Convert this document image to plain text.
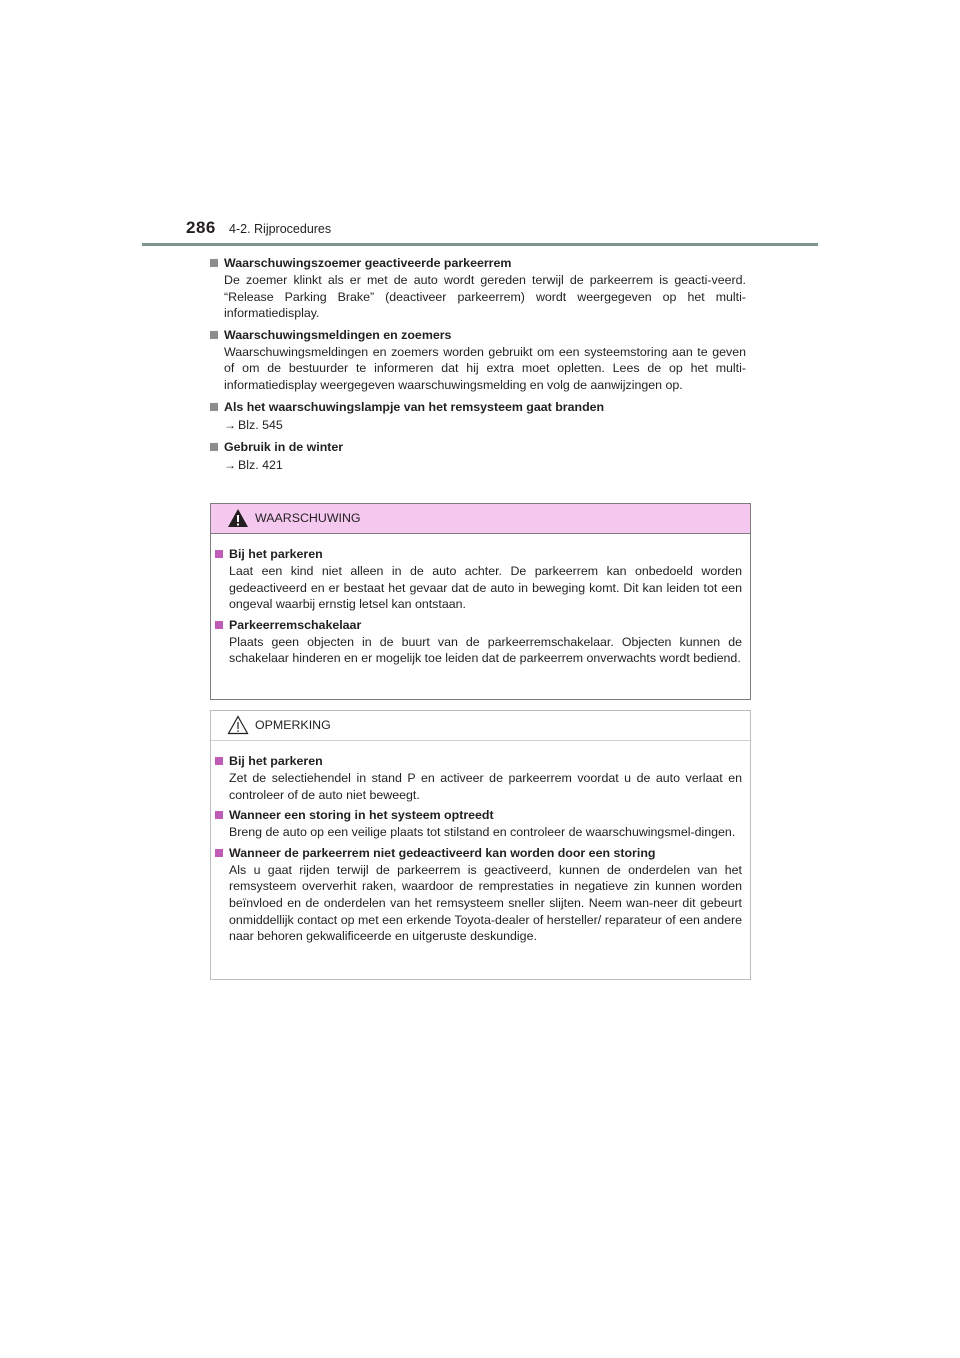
286 4-2. Rijprocedures
Waarschuwingszoemer geactiveerde parkeerrem
De zoemer klinkt als er met de auto wordt gereden terwijl de parkeerrem is geacti-veerd. “Release Parking Brake” (deactiveer parkeerrem) wordt weergegeven op het multi-informatiedisplay.
Waarschuwingsmeldingen en zoemers
Waarschuwingsmeldingen en zoemers worden gebruikt om een systeemstoring aan te geven of om de bestuurder te informeren dat hij extra moet opletten. Lees de op het multi-informatiedisplay weergegeven waarschuwingsmelding en volg de aanwijzingen op.
Als het waarschuwingslampje van het remsysteem gaat branden
→ Blz. 545
Gebruik in de winter
→ Blz. 421
WAARSCHUWING
Bij het parkeren
Laat een kind niet alleen in de auto achter. De parkeerrem kan onbedoeld worden gedeactiveerd en er bestaat het gevaar dat de auto in beweging komt. Dit kan leiden tot een ongeval waarbij ernstig letsel kan ontstaan.
Parkeerremschakelaar
Plaats geen objecten in de buurt van de parkeerremschakelaar. Objecten kunnen de schakelaar hinderen en er mogelijk toe leiden dat de parkeerrem onverwachts wordt bediend.
OPMERKING
Bij het parkeren
Zet de selectiehendel in stand P en activeer de parkeerrem voordat u de auto verlaat en controleer of de auto niet beweegt.
Wanneer een storing in het systeem optreedt
Breng de auto op een veilige plaats tot stilstand en controleer de waarschuwingsmel-dingen.
Wanneer de parkeerrem niet gedeactiveerd kan worden door een storing
Als u gaat rijden terwijl de parkeerrem is geactiveerd, kunnen de onderdelen van het remsysteem oververhit raken, waardoor de remprestaties in negatieve zin kunnen worden beïnvloed en de onderdelen van het remsysteem sneller slijten. Neem wan-neer dit gebeurt onmiddellijk contact op met een erkende Toyota-dealer of hersteller/ reparateur of een andere naar behoren gekwalificeerde en uitgeruste deskundige.
